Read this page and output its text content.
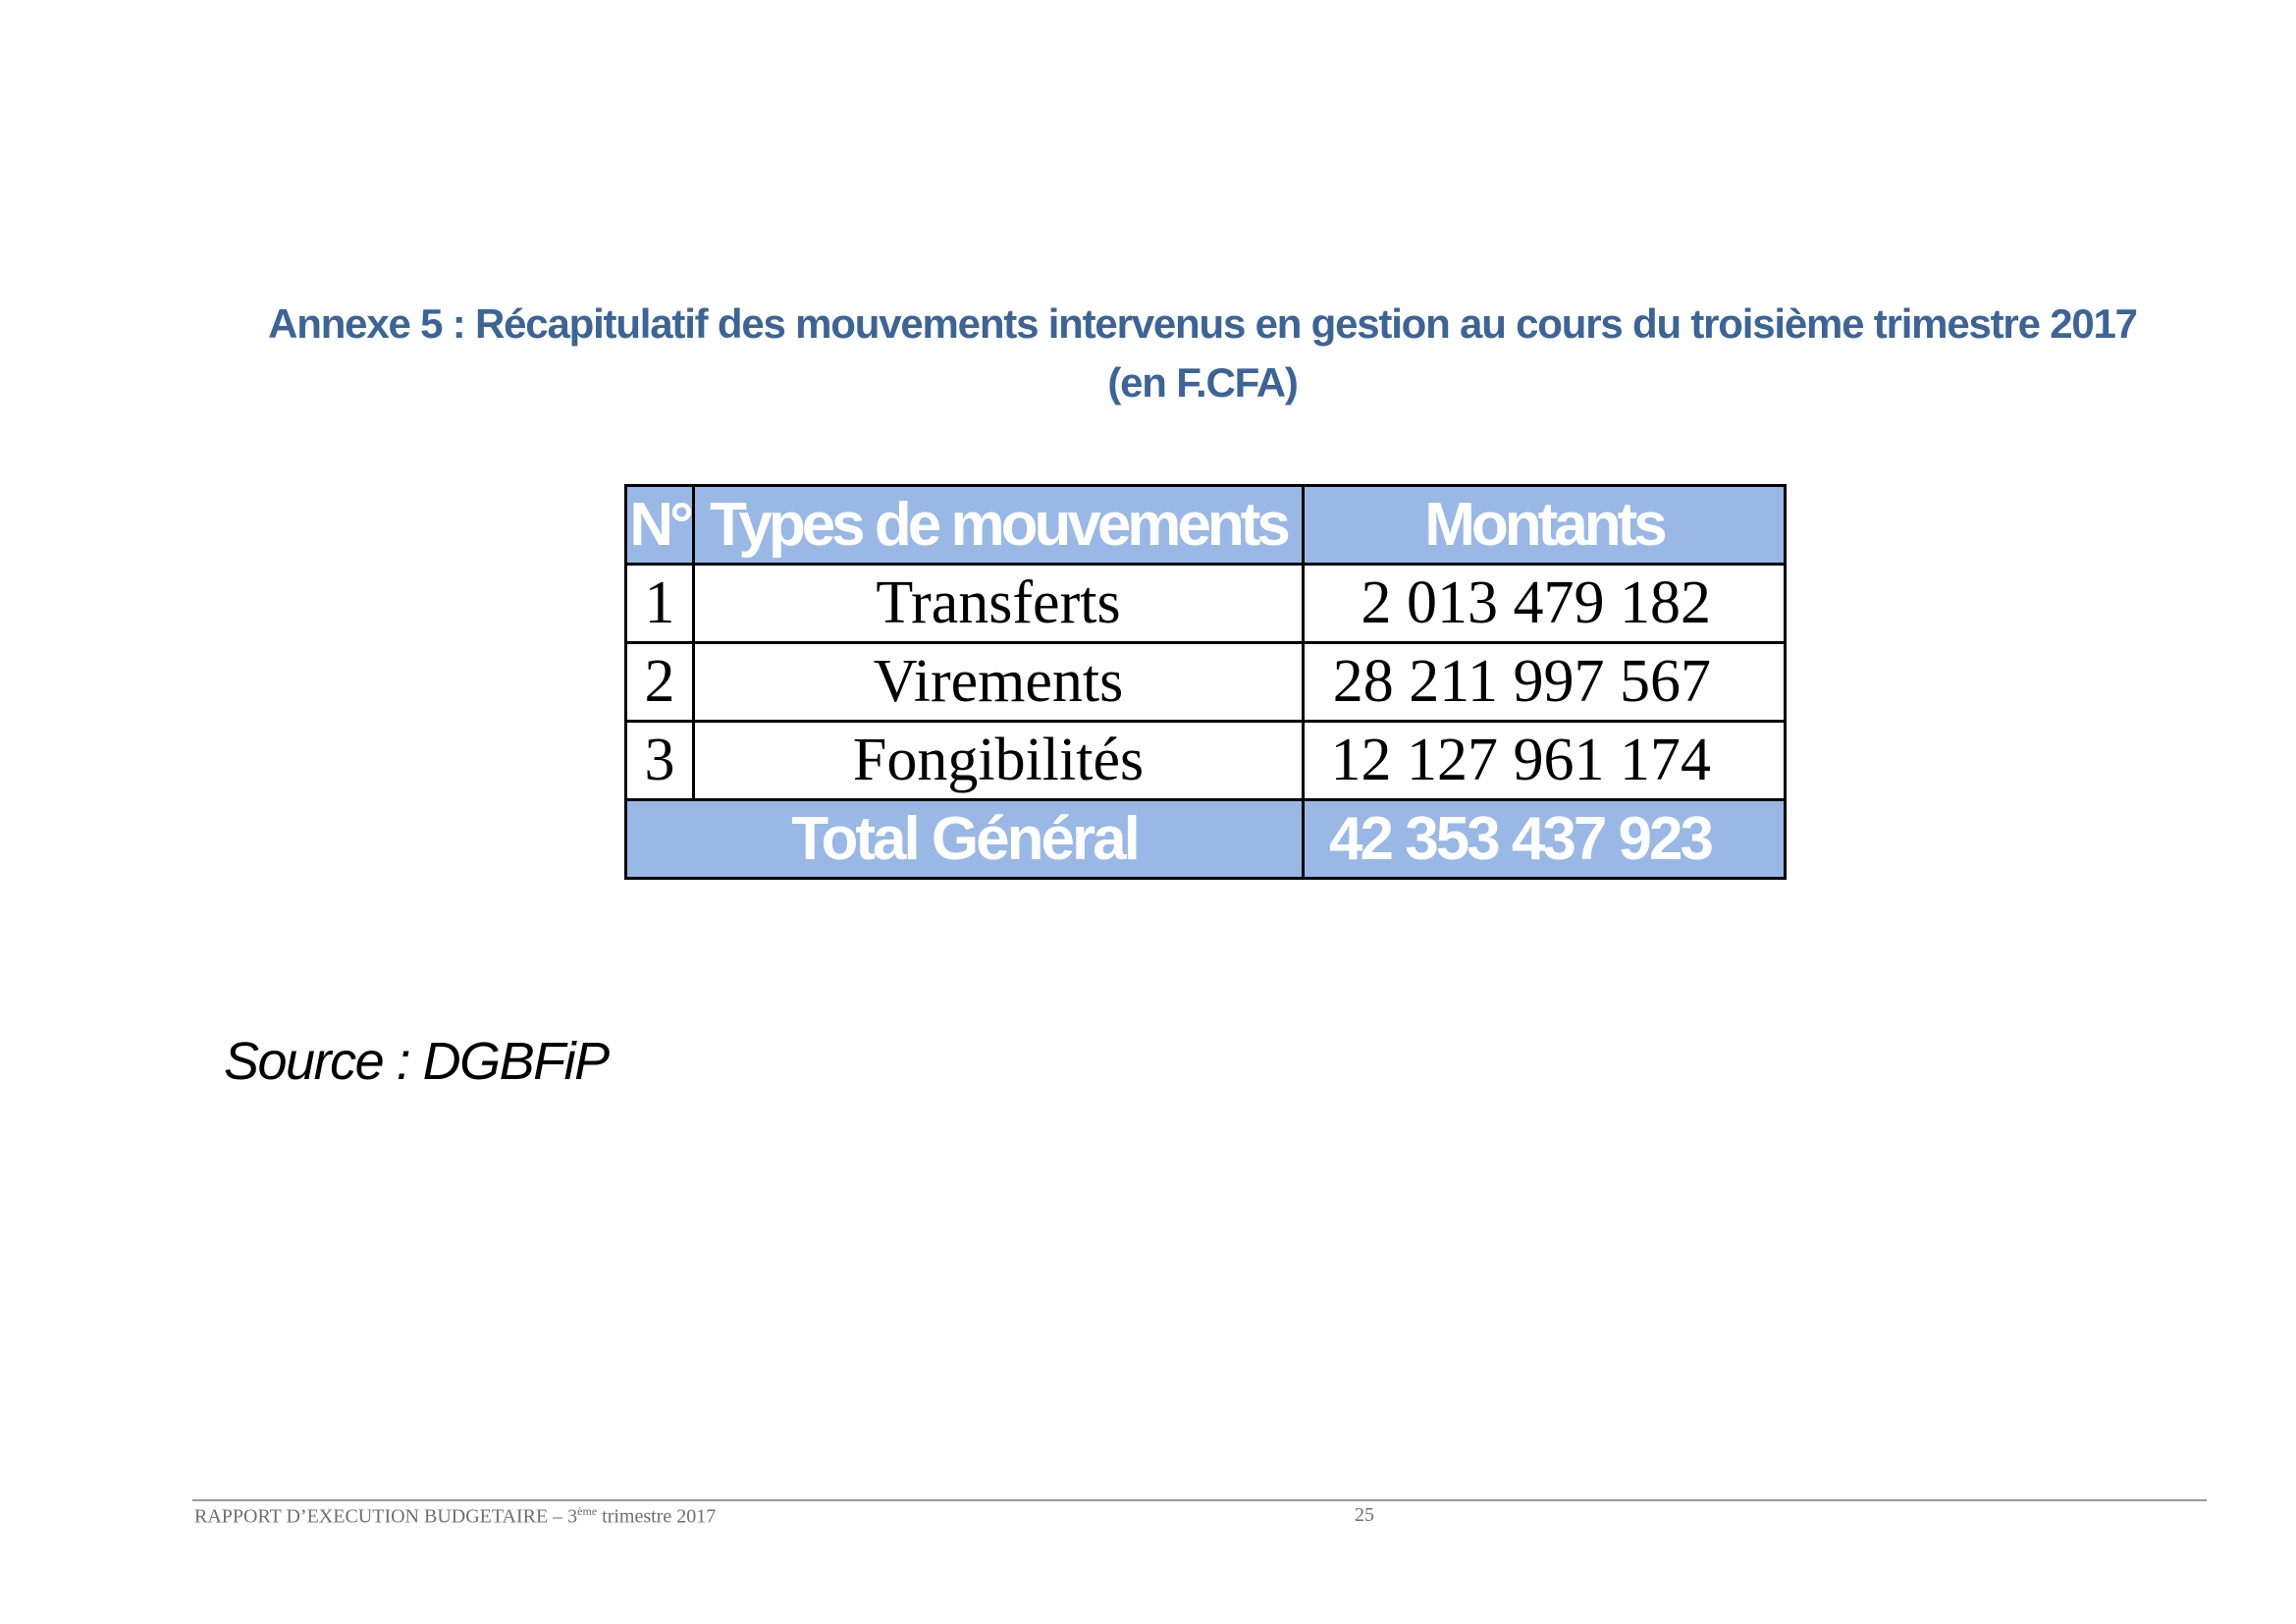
Annexe 5 : Récapitulatif des mouvements intervenus en gestion au cours du troisième trimestre 2017
(en F.CFA)
N°	Types de mouvements	Montants
1	Transferts	2 013 479 182
2	Virements	28 211 997 567
3	Fongibilités	12 127 961 174
Total Général		42 353 437 923
Source : DGBFiP
RAPPORT D’EXECUTION BUDGETAIRE – 3ème trimestre 2017	25
